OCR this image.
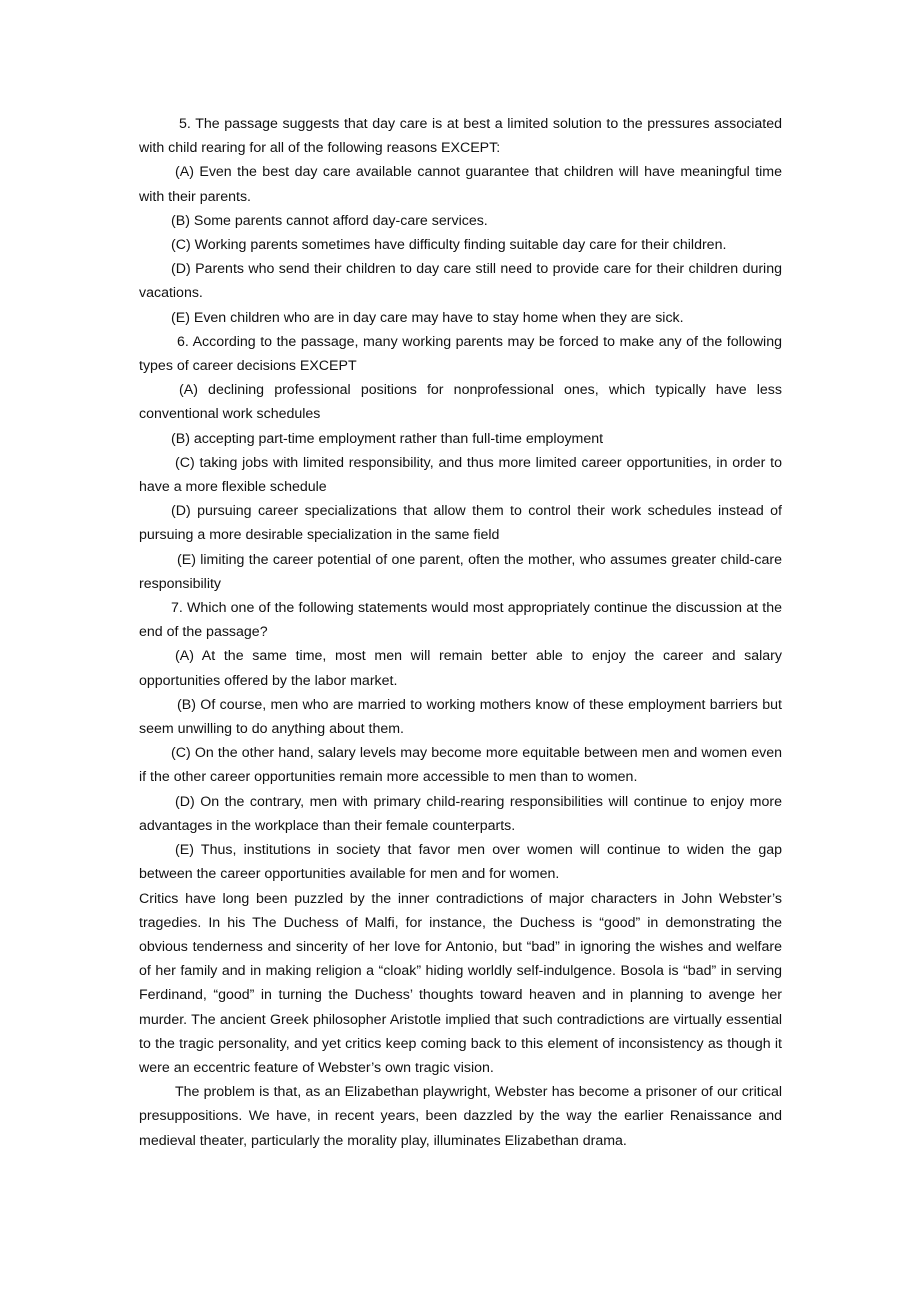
5. The passage suggests that day care is at best a limited solution to the pressures associated with child rearing for all of the following reasons EXCEPT:

(A) Even the best day care available cannot guarantee that children will have meaningful time with their parents.

(B) Some parents cannot afford day-care services.

(C) Working parents sometimes have difficulty finding suitable day care for their children.

(D) Parents who send their children to day care still need to provide care for their children during vacations.

(E) Even children who are in day care may have to stay home when they are sick.

6. According to the passage, many working parents may be forced to make any of the following types of career decisions EXCEPT

(A) declining professional positions for nonprofessional ones, which typically have less conventional work schedules

(B) accepting part-time employment rather than full-time employment

(C) taking jobs with limited responsibility, and thus more limited career opportunities, in order to have a more flexible schedule

(D) pursuing career specializations that allow them to control their work schedules instead of pursuing a more desirable specialization in the same field

(E) limiting the career potential of one parent, often the mother, who assumes greater child-care responsibility

7. Which one of the following statements would most appropriately continue the discussion at the end of the passage?

(A) At the same time, most men will remain better able to enjoy the career and salary opportunities offered by the labor market.

(B) Of course, men who are married to working mothers know of these employment barriers but seem unwilling to do anything about them.

(C) On the other hand, salary levels may become more equitable between men and women even if the other career opportunities remain more accessible to men than to women.

(D) On the contrary, men with primary child-rearing responsibilities will continue to enjoy more advantages in the workplace than their female counterparts.

(E) Thus, institutions in society that favor men over women will continue to widen the gap between the career opportunities available for men and for women.

Critics have long been puzzled by the inner contradictions of major characters in John Webster’s tragedies. In his The Duchess of Malfi, for instance, the Duchess is “good” in demonstrating the obvious tenderness and sincerity of her love for Antonio, but “bad” in ignoring the wishes and welfare of her family and in making religion a “cloak” hiding worldly self-indulgence. Bosola is “bad” in serving Ferdinand, “good” in turning the Duchess’ thoughts toward heaven and in planning to avenge her murder. The ancient Greek philosopher Aristotle implied that such contradictions are virtually essential to the tragic personality, and yet critics keep coming back to this element of inconsistency as though it were an eccentric feature of Webster’s own tragic vision.

The problem is that, as an Elizabethan playwright, Webster has become a prisoner of our critical presuppositions. We have, in recent years, been dazzled by the way the earlier Renaissance and medieval theater, particularly the morality play, illuminates Elizabethan drama.
